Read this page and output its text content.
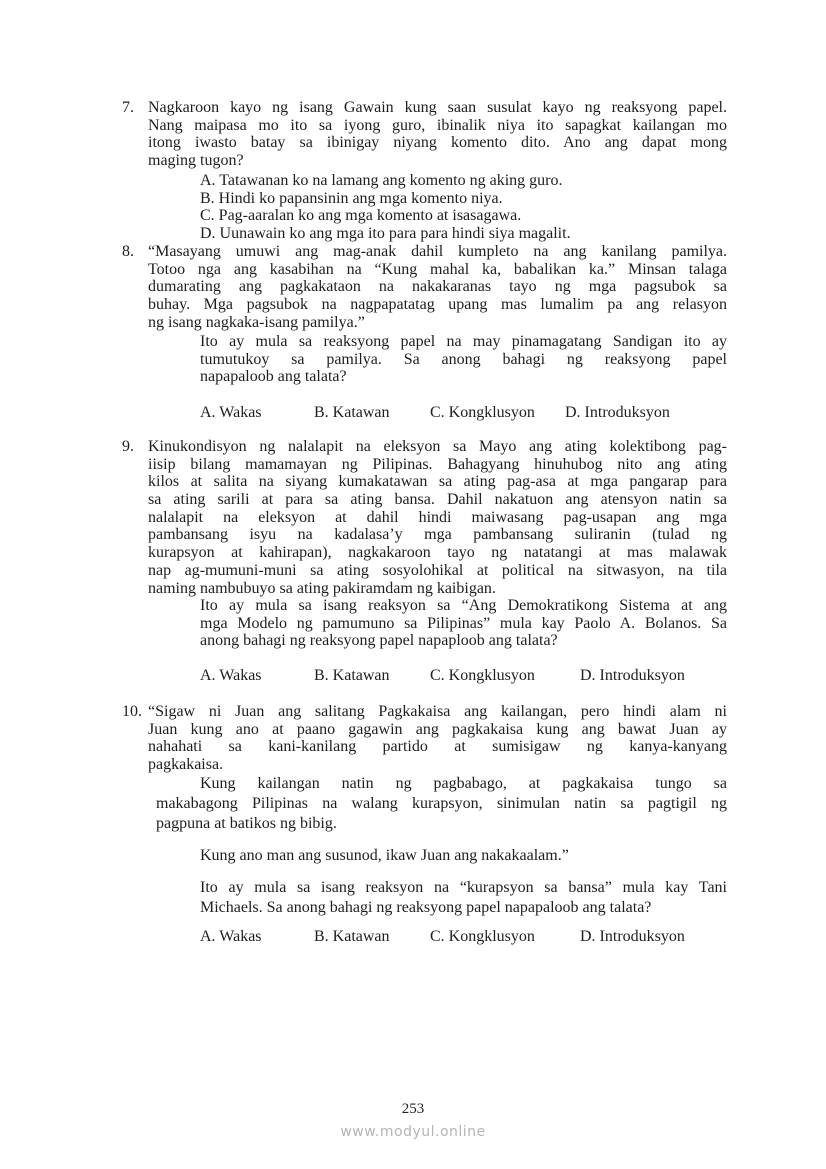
7. Nagkaroon kayo ng isang Gawain kung saan susulat kayo ng reaksyong papel.
Nang maipasa mo ito sa iyong guro, ibinalik niya ito sapagkat kailangan mo
itong iwasto batay sa ibinigay niyang komento dito. Ano ang dapat mong
maging tugon?
A. Tatawanan ko na lamang ang komento ng aking guro.
B. Hindi ko papansinin ang mga komento niya.
C. Pag-aaralan ko ang mga komento at isasagawa.
D. Uunawain ko ang mga ito para para hindi siya magalit.
8. “Masayang umuwi ang mag-anak dahil kumpleto na ang kanilang pamilya.
Totoo nga ang kasabihan na “Kung mahal ka, babalikan ka.” Minsan talaga
dumarating ang pagkakataon na nakakaranas tayo ng mga pagsubok sa
buhay. Mga pagsubok na nagpapatatag upang mas lumalim pa ang relasyon
ng isang nagkaka-isang pamilya.”
Ito ay mula sa reaksyong papel na may pinamagatang Sandigan ito ay
tumutukoy sa pamilya. Sa anong bahagi ng reaksyong papel
napapaloob ang talata?
A. Wakas	B. Katawan	C. Kongklusyon D. Introduksyon
9. Kinukondisyon ng nalalapit na eleksyon sa Mayo ang ating kolektibong pag-
iisip bilang mamamayan ng Pilipinas. Bahagyang hinuhubog nito ang ating
kilos at salita na siyang kumakatawan sa ating pag-asa at mga pangarap para
sa ating sarili at para sa ating bansa. Dahil nakatuon ang atensyon natin sa
nalalapit na eleksyon at dahil hindi maiwasang pag-usapan ang mga
pambansang isyu na kadalasa’y mga pambansang suliranin (tulad ng
kurapsyon at kahirapan), nagkakaroon tayo ng natatangi at mas malawak
nap ag-mumuni-muni sa ating sosyolohikal at political na sitwasyon, na tila
naming nambubuyo sa ating pakiramdam ng kaibigan.
Ito ay mula sa isang reaksyon sa “Ang Demokratikong Sistema at ang
mga Modelo ng pamumuno sa Pilipinas” mula kay Paolo A. Bolanos. Sa
anong bahagi ng reaksyong papel napaploob ang talata?
A. Wakas	B. Katawan	C. Kongklusyon	D. Introduksyon
10. “Sigaw ni Juan ang salitang Pagkakaisa ang kailangan, pero hindi alam ni
Juan kung ano at paano gagawin ang pagkakaisa kung ang bawat Juan ay
nahahati sa kani-kanilang partido at sumisigaw ng kanya-kanyang
pagkakaisa.
Kung kailangan natin ng pagbabago, at pagkakaisa tungo sa
makabagong Pilipinas na walang kurapsyon, sinimulan natin sa pagtigil ng
pagpuna at batikos ng bibig.
Kung ano man ang susunod, ikaw Juan ang nakakaalam.”
Ito ay mula sa isang reaksyon na “kurapsyon sa bansa” mula kay Tani
Michaels. Sa anong bahagi ng reaksyong papel napapaloob ang talata?
A. Wakas	B. Katawan	C. Kongklusyon	D. Introduksyon
253
www.modyul.online
